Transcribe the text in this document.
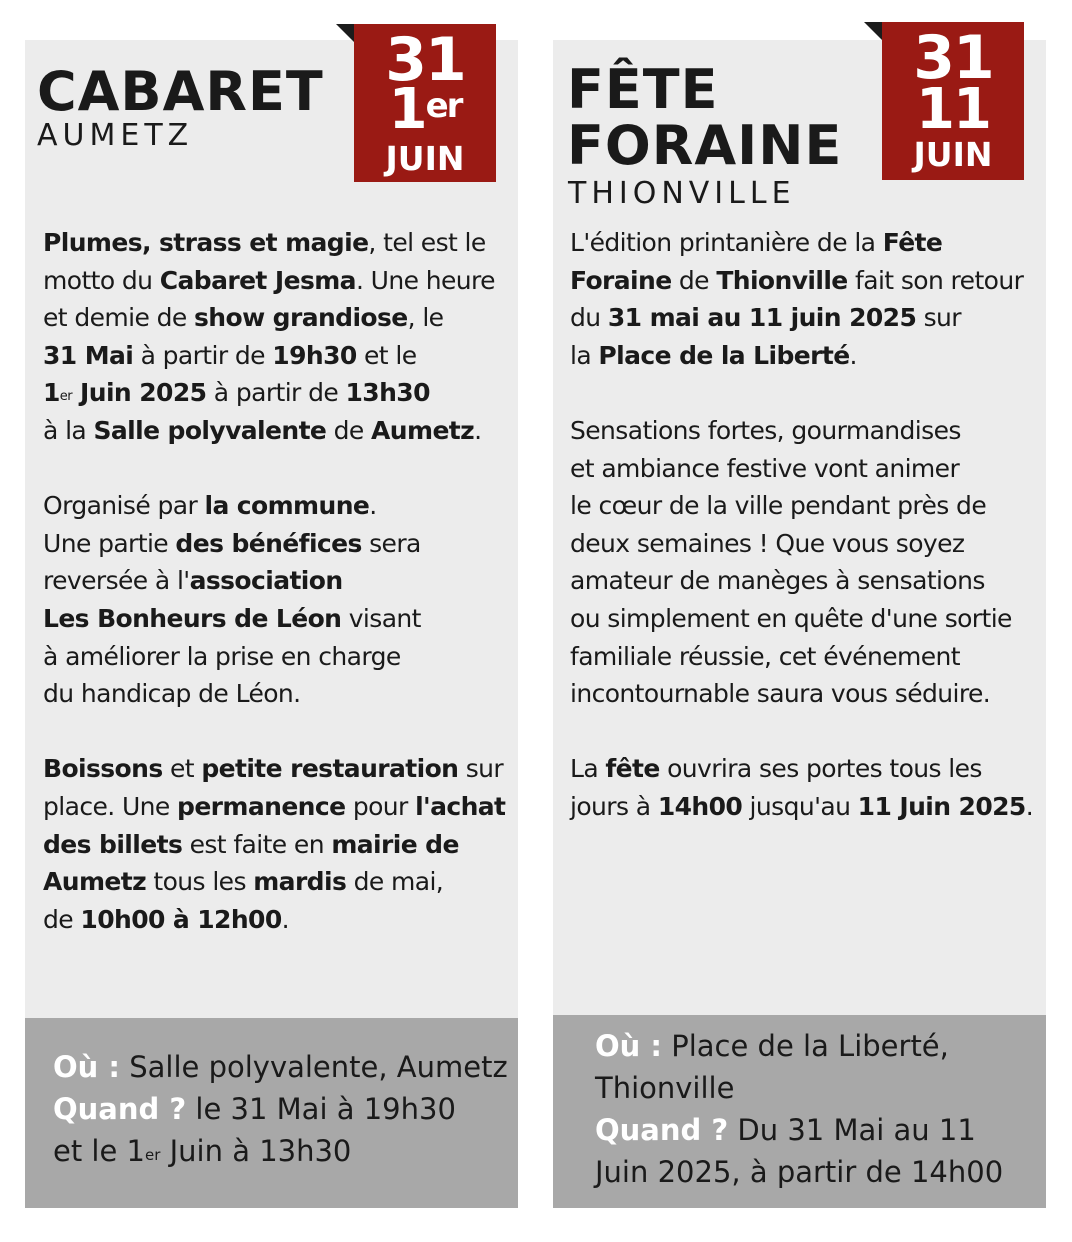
CABARET
AUMETZ

Plumes, strass et magie, tel est le
motto du Cabaret Jesma. Une heure
et demie de show grandiose, le
31 Mai à partir de 19h30 et le
1er Juin 2025 à partir de 13h30
à la Salle polyvalente de Aumetz.

Organisé par la commune.
Une partie des bénéfices sera
reversée à l'association
Les Bonheurs de Léon visant
à améliorer la prise en charge
du handicap de Léon.

Boissons et petite restauration sur
place. Une permanence pour l'achat
des billets est faite en mairie de
Aumetz tous les mardis de mai,
de 10h00 à 12h00.

Où : Salle polyvalente, Aumetz
Quand ? le 31 Mai à 19h30
et le 1er Juin à 13h30
31
1er
JUIN
FÊTE
FORAINE
THIONVILLE

L'édition printanière de la Fête
Foraine de Thionville fait son retour
du 31 mai au 11 juin 2025 sur
la Place de la Liberté.

Sensations fortes, gourmandises
et ambiance festive vont animer
le cœur de la ville pendant près de
deux semaines ! Que vous soyez
amateur de manèges à sensations
ou simplement en quête d'une sortie
familiale réussie, cet événement
incontournable saura vous séduire.

La fête ouvrira ses portes tous les
jours à 14h00 jusqu'au 11 Juin 2025.

Où : Place de la Liberté,
Thionville
Quand ? Du 31 Mai au 11
Juin 2025, à partir de 14h00
31
11
JUIN
